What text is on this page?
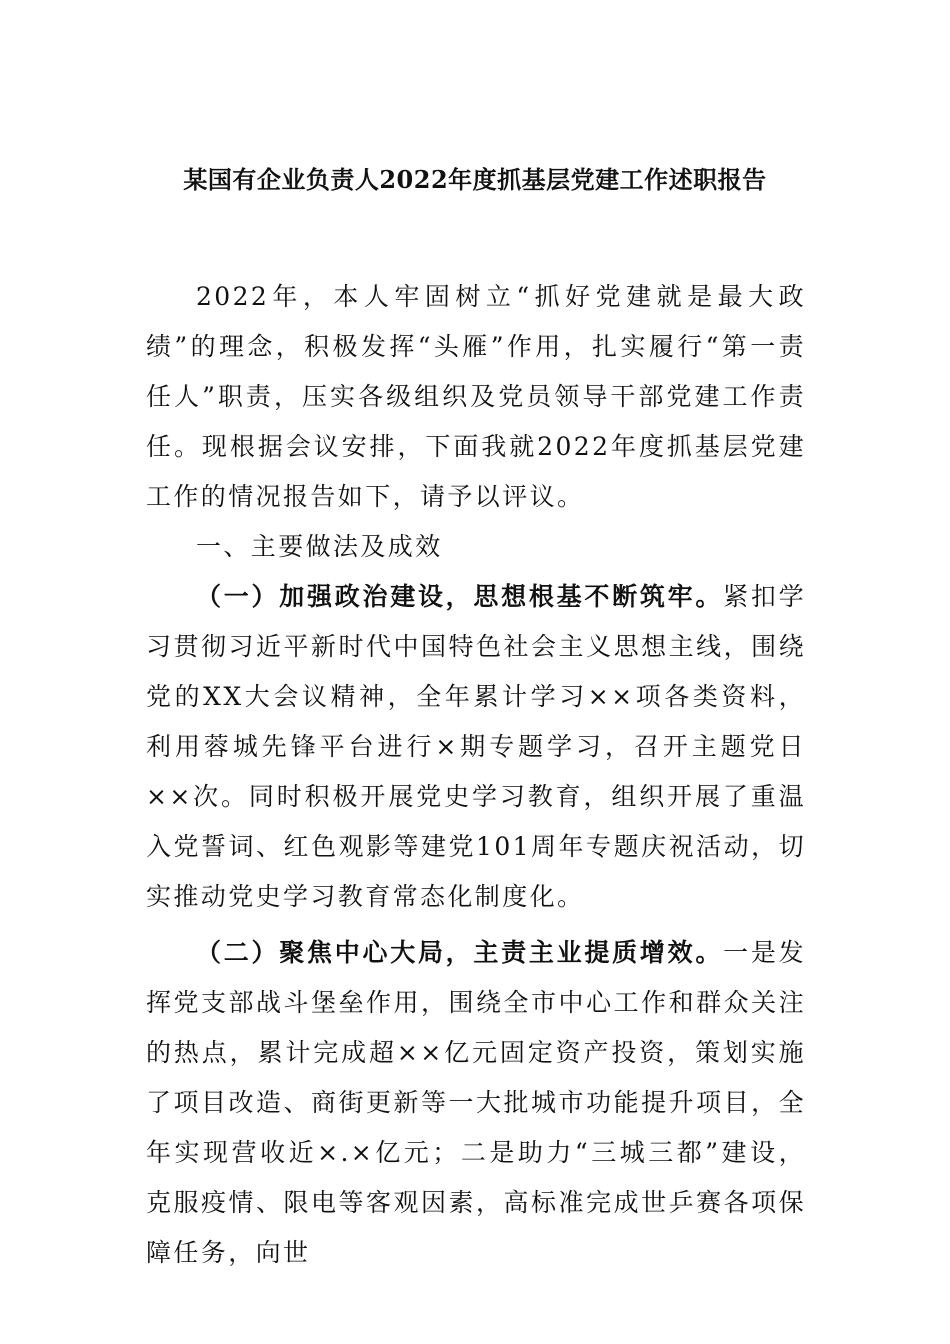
某国有企业负责人2022年度抓基层党建工作述职报告

2022年，本人牢固树立“抓好党建就是最大政绩”的理念，积极发挥“头雁”作用，扎实履行“第一责任人”职责，压实各级组织及党员领导干部党建工作责任。现根据会议安排，下面我就2022年度抓基层党建工作的情况报告如下，请予以评议。

一、主要做法及成效

（一）加强政治建设，思想根基不断筑牢。紧扣学习贯彻习近平新时代中国特色社会主义思想主线，围绕党的XX大会议精神，全年累计学习××项各类资料，利用蓉城先锋平台进行×期专题学习，召开主题党日××次。同时积极开展党史学习教育，组织开展了重温入党誓词、红色观影等建党101周年专题庆祝活动，切实推动党史学习教育常态化制度化。

（二）聚焦中心大局，主责主业提质增效。一是发挥党支部战斗堡垒作用，围绕全市中心工作和群众关注的热点，累计完成超××亿元固定资产投资，策划实施了项目改造、商街更新等一大批城市功能提升项目，全年实现营收近×.×亿元；二是助力“三城三都”建设，克服疫情、限电等客观因素，高标准完成世乒赛各项保障任务，向世
